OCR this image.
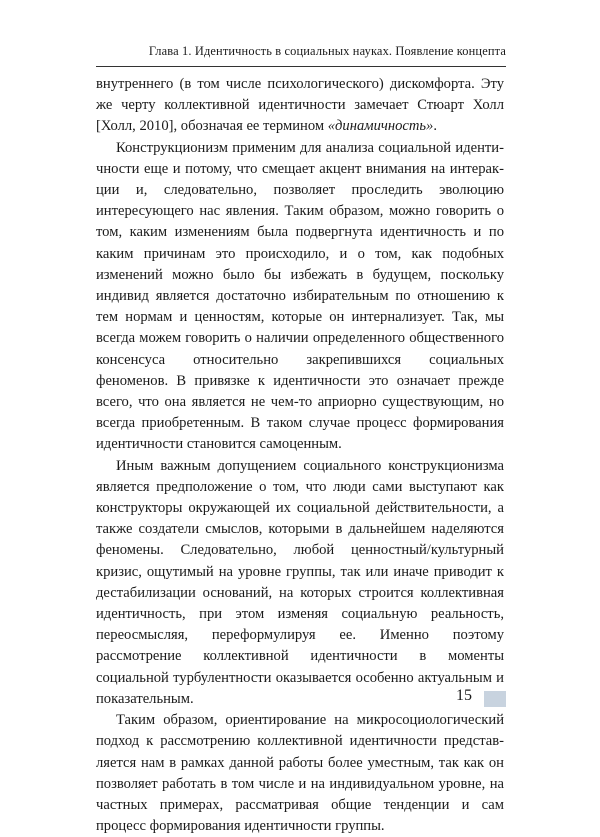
Глава 1. Идентичность в социальных науках. Появление концепта

внутреннего (в том числе психологического) дискомфорта. Эту же черту коллективной идентичности замечает Стюарт Холл [Холл, 2010], обозначая ее термином «динамичность».

Конструкционизм применим для анализа социальной идентичности еще и потому, что смещает акцент внимания на интеракции и, следовательно, позволяет проследить эволюцию интересующего нас явления. Таким образом, можно говорить о том, каким изменениям была подвергнута идентичность и по каким причинам это происходило, и о том, как подобных изменений можно было бы избежать в будущем, поскольку индивид является достаточно избирательным по отношению к тем нормам и ценностям, которые он интернализует. Так, мы всегда можем говорить о наличии определенного общественного консенсуса относительно закрепившихся социальных феноменов. В привязке к идентичности это означает прежде всего, что она является не чем-то априорно существующим, но всегда приобретенным. В таком случае процесс формирования идентичности становится самоценным.

Иным важным допущением социального конструкционизма является предположение о том, что люди сами выступают как конструкторы окружающей их социальной действительности, а также создатели смыслов, которыми в дальнейшем наделяются феномены. Следовательно, любой ценностный/культурный кризис, ощутимый на уровне группы, так или иначе приводит к дестабилизации оснований, на которых строится коллективная идентичность, при этом изменяя социальную реальность, переосмысляя, переформулируя ее. Именно поэтому рассмотрение коллективной идентичности в моменты социальной турбулентности оказывается особенно актуальным и показательным.

Таким образом, ориентирование на микросоциологический подход к рассмотрению коллективной идентичности представляется нам в рамках данной работы более уместным, так как он позволяет работать в том числе и на индивидуальном уровне, на частных примерах, рассматривая общие тенденции и сам процесс формирования идентичности группы.

15
